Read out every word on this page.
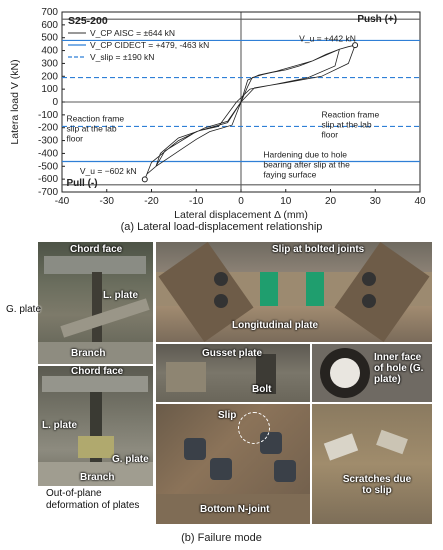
-40	-30	-20	-10	0	10	20	30	40
700
600
500
400
300
200
100
0
-100
-200
-300
-400
-500
-600
-700
Lateral displacement Δ (mm)
Latera load V (kN)
S25-200
V_CP AISC = ±644 kN
V_CP CIDECT = +479, -463 kN
V_slip = ±190 kN
Push (+)
Pull (-)
V_u = +442 kN
V_u = −602 kN
Reaction frame slip at the lab floor
Reaction frame slip at the lab floor
Hardening due to hole bearing after slip at the faying surface
(a) Lateral load-displacement relationship
Chord face
L. plate
Branch
G. plate
Chord face
L. plate
G. plate
Branch
Out-of-plane deformation of plates
Slip at bolted joints
Longitudinal plate
Gusset plate
Bolt
Inner face of hole (G. plate)
Slip
Bottom N-joint
Scratches due to slip
(b) Failure mode
